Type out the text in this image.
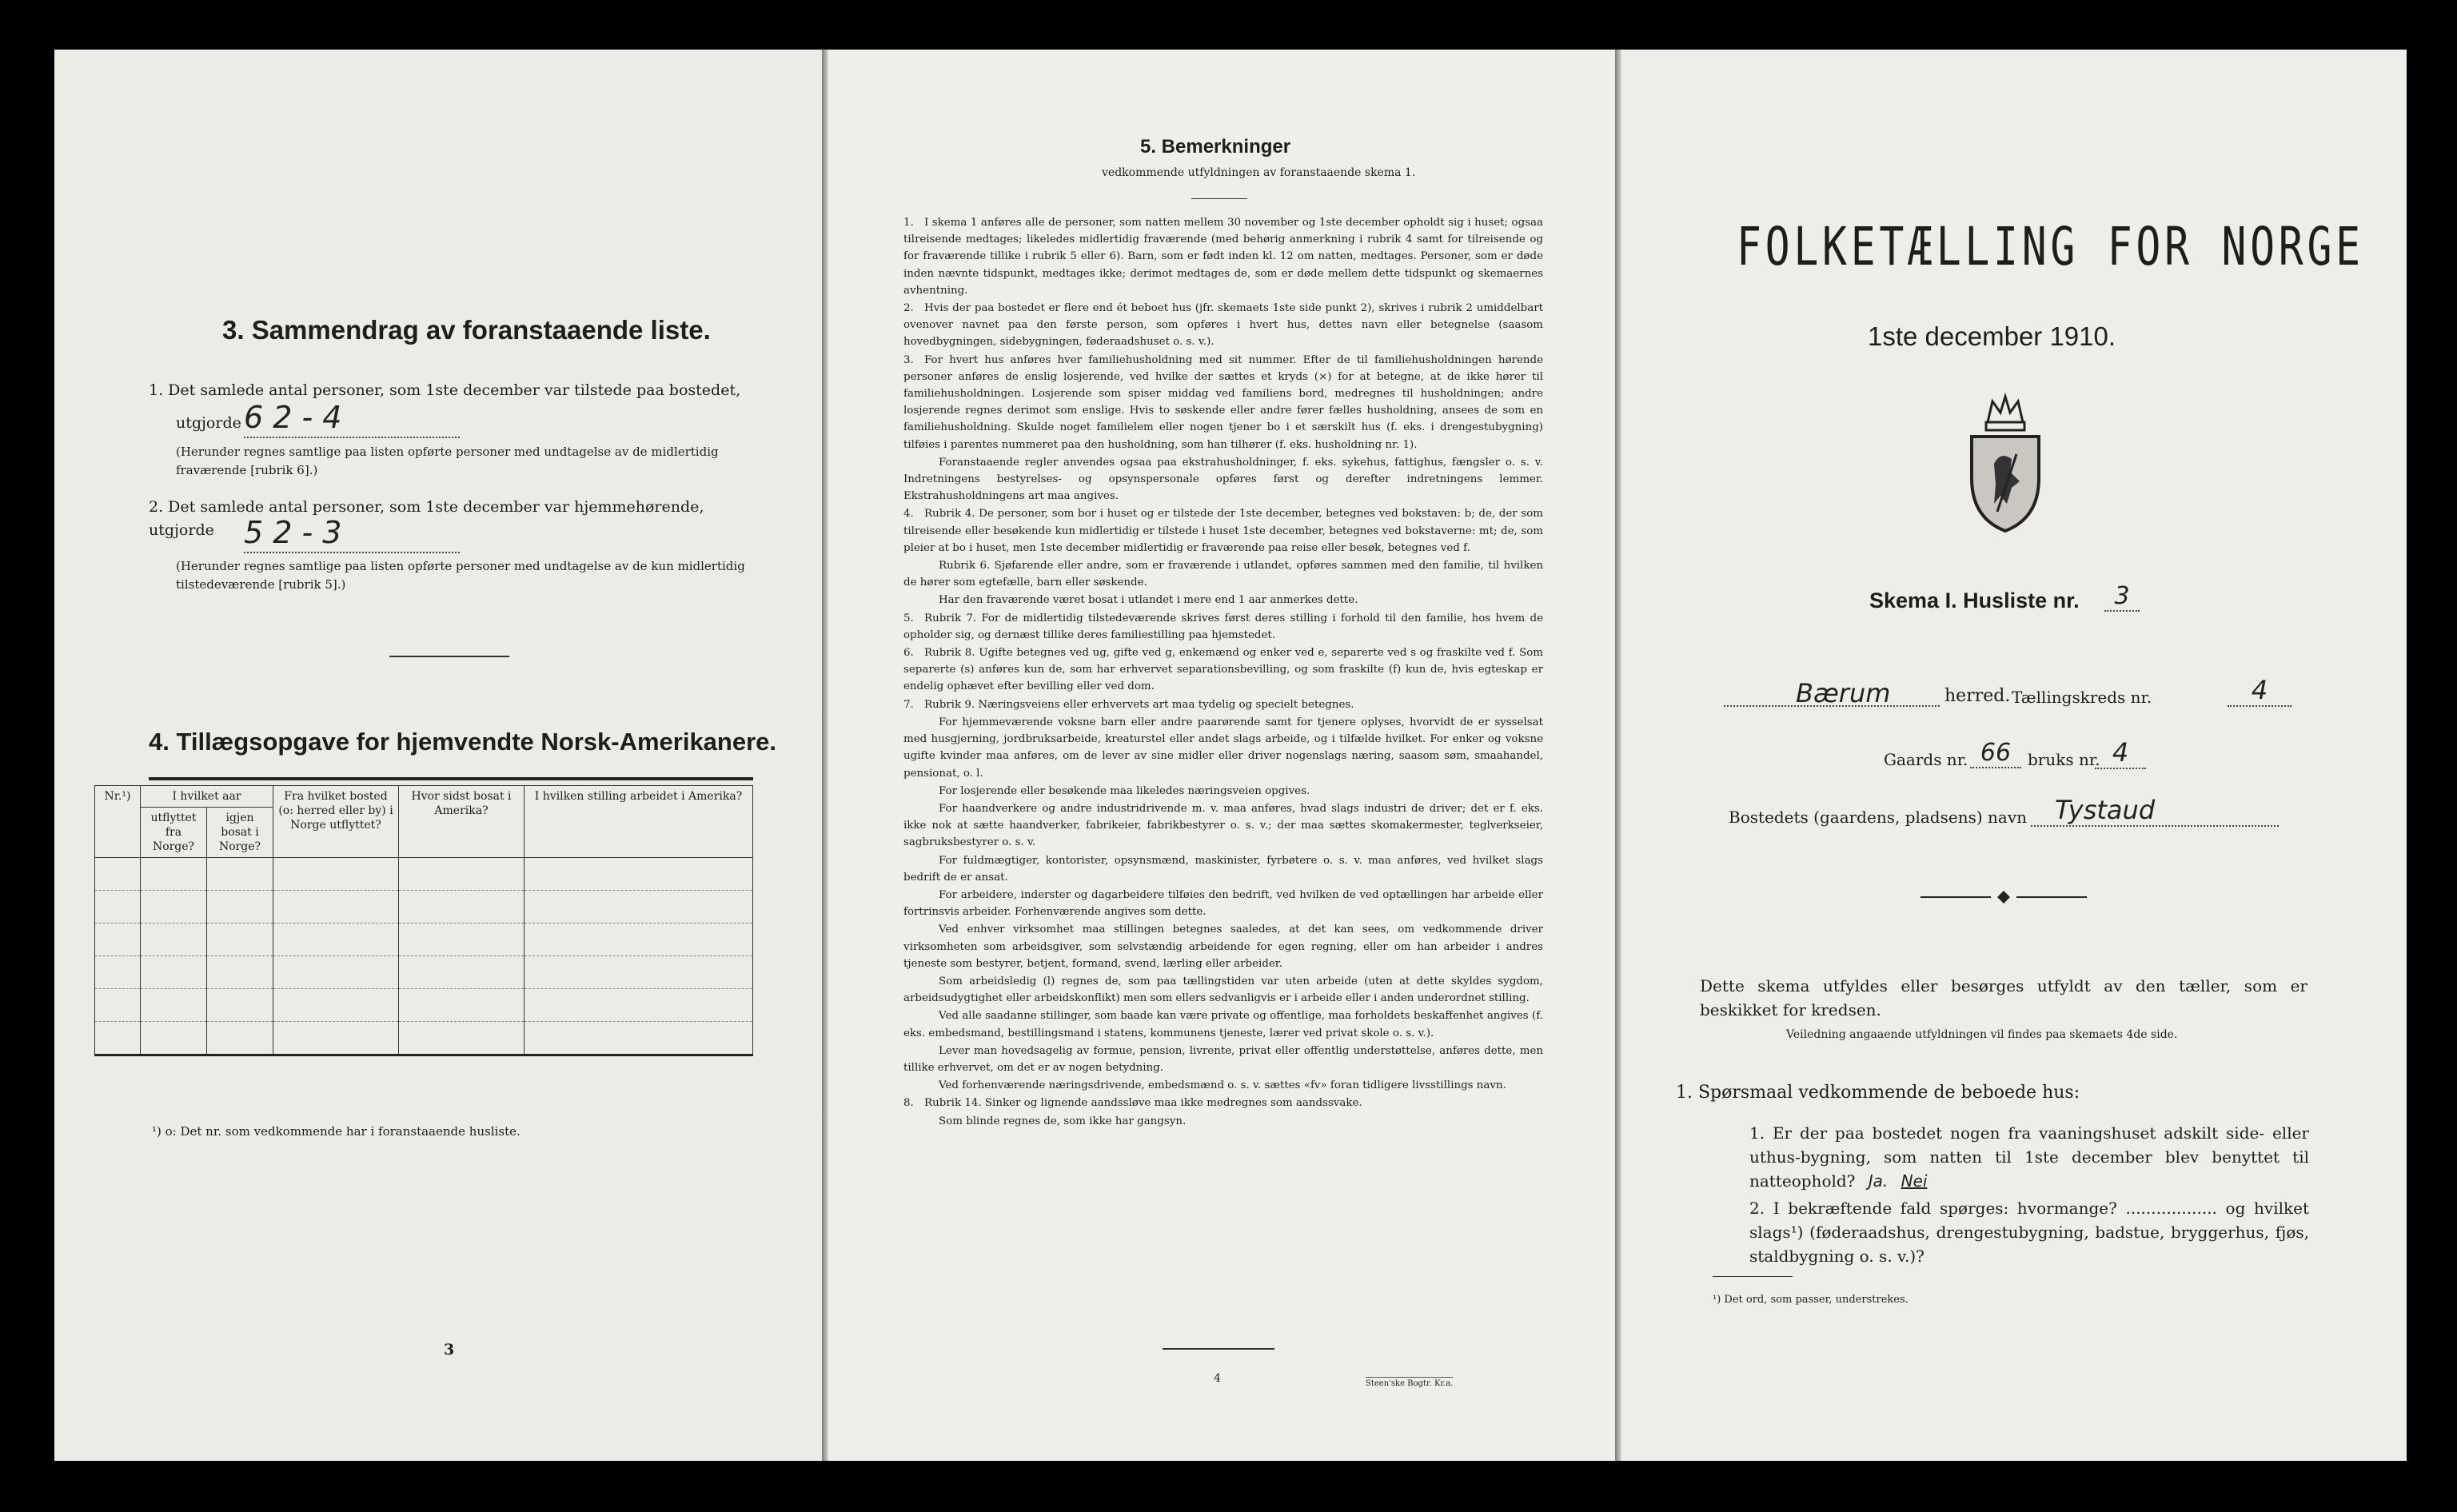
3. Sammendrag av foranstaaende liste.
1. Det samlede antal personer, som 1ste december var tilstede paa bostedet,
utgjorde 6 2 - 4
(Herunder regnes samtlige paa listen opførte personer med undtagelse av de midlertidig fraværende [rubrik 6].)
2. Det samlede antal personer, som 1ste december var hjemmehørende, utgjorde 5 2 - 3
(Herunder regnes samtlige paa listen opførte personer med undtagelse av de kun midlertidig tilstedeværende [rubrik 5].)
4. Tillægsopgave for hjemvendte Norsk-Amerikanere.
Nr.¹)	I hvilket aar		Fra hvilket bosted (o: herred eller by) i Norge utflyttet?	Hvor sidst bosat i Amerika?	I hvilken stilling arbeidet i Amerika?
	utflyttet fra Norge?	igjen bosat i Norge?			

¹) o: Det nr. som vedkommende har i foranstaaende husliste.
3
5. Bemerkninger
vedkommende utfyldningen av foranstaaende skema 1.

1. I skema 1 anføres alle de personer, som natten mellem 30 november og 1ste december opholdt sig i huset; ogsaa tilreisende medtages; likeledes midlertidig fraværende (med behørig anmerkning i rubrik 4 samt for tilreisende og for fraværende tillike i rubrik 5 eller 6). Barn, som er født inden kl. 12 om natten, medtages. Personer, som er døde inden nævnte tidspunkt, medtages ikke; derimot medtages de, som er døde mellem dette tidspunkt og skemaernes avhentning.

2. Hvis der paa bostedet er flere end ét beboet hus (jfr. skemaets 1ste side punkt 2), skrives i rubrik 2 umiddelbart ovenover navnet paa den første person, som opføres i hvert hus, dettes navn eller betegnelse (saasom hovedbygningen, sidebygningen, føderaadshuset o. s. v.).

3. For hvert hus anføres hver familiehusholdning med sit nummer. Efter de til familiehusholdningen hørende personer anføres de enslig losjerende, ved hvilke der sættes et kryds (×) for at betegne, at de ikke hører til familiehusholdningen. Losjerende som spiser middag ved familiens bord, medregnes til husholdningen; andre losjerende regnes derimot som enslige. Hvis to søskende eller andre fører fælles husholdning, ansees de som en familiehusholdning. Skulde noget familielem eller nogen tjener bo i et særskilt hus (f. eks. i drengestubygning) tilføies i parentes nummeret paa den husholdning, som han tilhører (f. eks. husholdning nr. 1).

Foranstaaende regler anvendes ogsaa paa ekstrahusholdninger, f. eks. sykehus, fattighus, fængsler o. s. v. Indretningens bestyrelses- og opsynspersonale opføres først og derefter indretningens lemmer. Ekstrahusholdningens art maa angives.

4. Rubrik 4. De personer, som bor i huset og er tilstede der 1ste december, betegnes ved bokstaven: b; de, der som tilreisende eller besøkende kun midlertidig er tilstede i huset 1ste december, betegnes ved bokstaverne: mt; de, som pleier at bo i huset, men 1ste december midlertidig er fraværende paa reise eller besøk, betegnes ved f.

Rubrik 6. Sjøfarende eller andre, som er fraværende i utlandet, opføres sammen med den familie, til hvilken de hører som egtefælle, barn eller søskende.

Har den fraværende været bosat i utlandet i mere end 1 aar anmerkes dette.

5. Rubrik 7. For de midlertidig tilstedeværende skrives først deres stilling i forhold til den familie, hos hvem de opholder sig, og dernæst tillike deres familiestilling paa hjemstedet.

6. Rubrik 8. Ugifte betegnes ved ug, gifte ved g, enkemænd og enker ved e, separerte ved s og fraskilte ved f. Som separerte (s) anføres kun de, som har erhvervet separationsbevilling, og som fraskilte (f) kun de, hvis egteskap er endelig ophævet efter bevilling eller ved dom.

7. Rubrik 9. Næringsveiens eller erhvervets art maa tydelig og specielt betegnes.

For hjemmeværende voksne barn eller andre paarørende samt for tjenere oplyses, hvorvidt de er sysselsat med husgjerning, jordbruksarbeide, kreaturstel eller andet slags arbeide, og i tilfælde hvilket. For enker og voksne ugifte kvinder maa anføres, om de lever av sine midler eller driver nogenslags næring, saasom søm, smaahandel, pensionat, o. l.

For losjerende eller besøkende maa likeledes næringsveien opgives.

For haandverkere og andre industridrivende m. v. maa anføres, hvad slags industri de driver; det er f. eks. ikke nok at sætte haandverker, fabrikeier, fabrikbestyrer o. s. v.; der maa sættes skomakermester, teglverkseier, sagbruksbestyrer o. s. v.

For fuldmægtiger, kontorister, opsynsmænd, maskinister, fyrbøtere o. s. v. maa anføres, ved hvilket slags bedrift de er ansat.

For arbeidere, inderster og dagarbeidere tilføies den bedrift, ved hvilken de ved optællingen har arbeide eller fortrinsvis arbeider. Forhenværende angives som dette.

Ved enhver virksomhet maa stillingen betegnes saaledes, at det kan sees, om vedkommende driver virksomheten som arbeidsgiver, som selvstændig arbeidende for egen regning, eller om han arbeider i andres tjeneste som bestyrer, betjent, formand, svend, lærling eller arbeider.

Som arbeidsledig (l) regnes de, som paa tællingstiden var uten arbeide (uten at dette skyldes sygdom, arbeidsudygtighet eller arbeidskonflikt) men som ellers sedvanligvis er i arbeide eller i anden underordnet stilling.

Ved alle saadanne stillinger, som baade kan være private og offentlige, maa forholdets beskaffenhet angives (f. eks. embedsmand, bestillingsmand i statens, kommunens tjeneste, lærer ved privat skole o. s. v.).

Lever man hovedsagelig av formue, pension, livrente, privat eller offentlig understøttelse, anføres dette, men tillike erhvervet, om det er av nogen betydning.

Ved forhenværende næringsdrivende, embedsmænd o. s. v. sættes «fv» foran tidligere livsstillings navn.

8. Rubrik 14. Sinker og lignende aandssløve maa ikke medregnes som aandssvake.

Som blinde regnes de, som ikke har gangsyn.

4	Steen'ske Bogtr. Kr.a.
FOLKETÆLLING FOR NORGE
1ste december 1910.
Skema I. Husliste nr.	3
Bærum	herred. Tællingskreds nr.	4
Gaards nr. 66	bruks nr. 4
Bostedets (gaardens, pladsens) navn	Tystaud
Dette skema utfyldes eller besørges utfyldt av den tæller, som er beskikket for kredsen.
Veiledning angaaende utfyldningen vil findes paa skemaets 4de side.
1. Spørsmaal vedkommende de beboede hus:
1. Er der paa bostedet nogen fra vaaningshuset adskilt side- eller uthus-bygning, som natten til 1ste december blev benyttet til natteophold? Ja. Nei
2. I bekræftende fald spørges: hvormange? .................. og hvilket slags¹) (føderaadshus, drengestubygning, badstue, bryggerhus, fjøs, staldbygning o. s. v.)?
¹) Det ord, som passer, understrekes.
